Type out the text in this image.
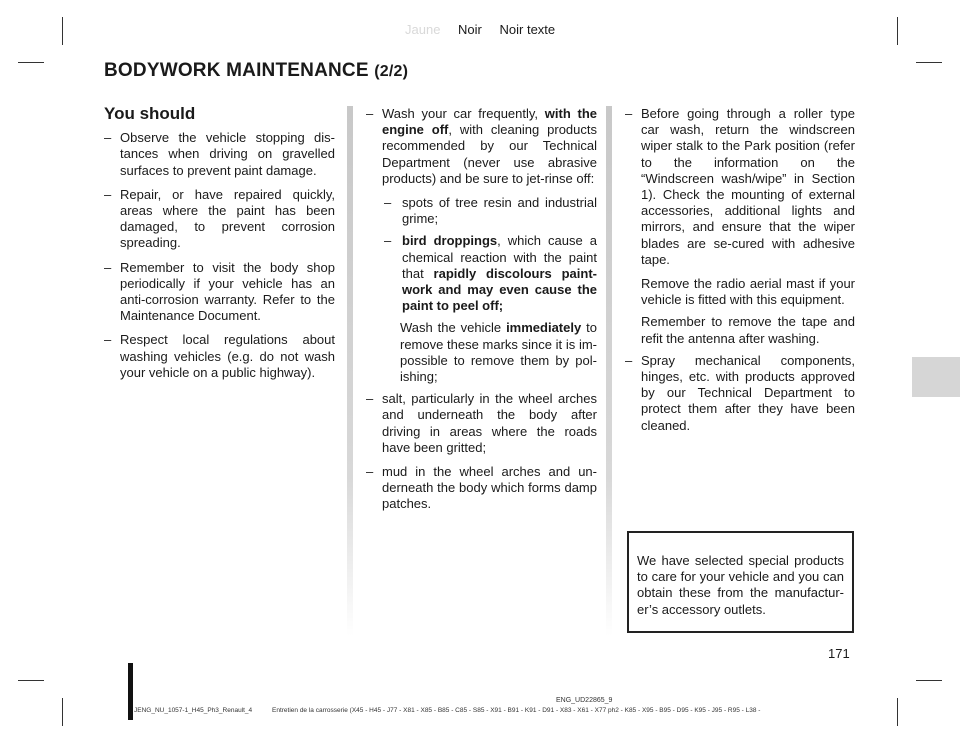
Jaune Noir Noir texte
BODYWORK MAINTENANCE (2/2)
You should
– Observe the vehicle stopping dis-tances when driving on gravelled surfaces to prevent paint damage.
– Repair, or have repaired quickly, areas where the paint has been damaged, to prevent corrosion spreading.
– Remember to visit the body shop periodically if your vehicle has an anti-corrosion warranty. Refer to the Maintenance Document.
– Respect local regulations about washing vehicles (e.g. do not wash your vehicle on a public highway).
– Wash your car frequently, with the engine off, with cleaning products recommended by our Technical Department (never use abrasive products) and be sure to jet-rinse off:
– spots of tree resin and industrial grime;
– bird droppings, which cause a chemical reaction with the paint that rapidly discolours paint-work and may even cause the paint to peel off;

Wash the vehicle immediately to remove these marks since it is im-possible to remove them by pol-ishing;

– salt, particularly in the wheel arches and underneath the body after driving in areas where the roads have been gritted;
– mud in the wheel arches and un-derneath the body which forms damp patches.
– Before going through a roller type car wash, return the windscreen wiper stalk to the Park position (refer to the information on the “Windscreen wash/wipe” in Section 1). Check the mounting of external accessories, additional lights and mirrors, and ensure that the wiper blades are se-cured with adhesive tape.

Remove the radio aerial mast if your vehicle is fitted with this equipment.

Remember to remove the tape and refit the antenna after washing.

– Spray mechanical components, hinges, etc. with products approved by our Technical Department to protect them after they have been cleaned.
We have selected special products to care for your vehicle and you can obtain these from the manufactur-er’s accessory outlets.
171
ENG_UD22865_9
JENG_NU_1057-1_H45_Ph3_Renault_4	Entretien de la carrosserie (X45 - H45 - J77 - X81 - X85 - B85 - C85 - S85 - X91 - B91 - K91 - D91 - X83 - X61 - X77 ph2 - K85 - X95 - B95 - D95 - K95 - J95 - R95 - L38 -
